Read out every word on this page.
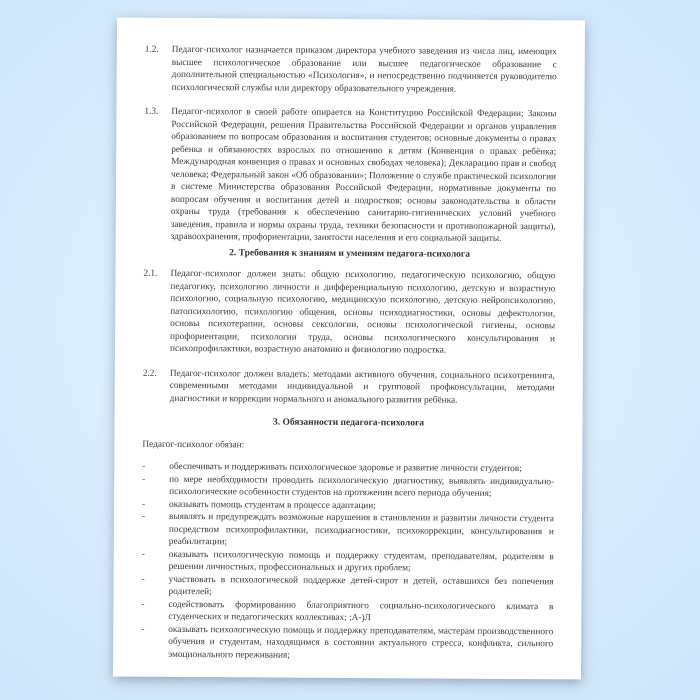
1.2.	Педагог-психолог назначается приказом директора учебного заведения из числа лиц, имеющих высшее психологическое образование или высшее педагогическое образование с дополнительной специальностью «Психология», и непосредственно подчиняется руководителю психологической службы или директору образовательного учреждения.
1.3.	Педагог-психолог в своей работе опирается на Конституцию Российской Федерации; Законы Российской Федерации, решения Правительства Российской Федерации и органов управления образованием по вопросам образования и воспитания студентов; основные документы о правах ребенка и обязанностях взрослых по отношению к детям (Конвенция о правах ребёнка; Международная конвенция о правах и основных свободах человека); Декларацию прав и свобод человека; Федеральный закон «Об образовании»; Положение о службе практической психологии в системе Министерства образования Российской Федерации, нормативные документы по вопросам обучения и воспитания детей и подростков; основы законодательства в области охраны труда (требования к обеспечению санитарно-гигиенических условий учебного заведения, правила и нормы охраны труда, техники безопасности и противопожарной защиты), здравоохранения, профориентации, занятости населения и его социальной защиты.
2. Требования к знаниям и умениям педагога-психолога
2.1.	Педагог-психолог должен знать: общую психологию, педагогическую психологию, общую педагогику, психологию личности и дифференциальную психологию, детскую и возрастную психологию, социальную психологию, медицинскую психологию, детскую нейропсихологию, патопсихологию, психологию общения, основы психодиагностики, основы дефектологии, основы психотерапии, основы сексологии, основы психологической гигиены, основы профориентации, психологии труда, основы психологического консультирования и психопрофилактики, возрастную анатомию и физиологию подростка.
2.2.	Педагог-психолог должен владеть: методами активного обучения, социального психотренинга, современными методами индивидуальной и групповой профконсультации, методами диагностики и коррекции нормального и аномального развития ребёнка.
3. Обязанности педагога-психолога

Педагог-психолог обязан:

-	обеспечивать и поддерживать психологическое здоровье и развитие личности студентов;
-	по мере необходимости проводить психологическую диагностику, выявлять индивидуально-психологические особенности студентов на протяжении всего периода обучения;
-	оказывать помощь студентам в процессе адаптации;
-	выявлять и предупреждать возможные нарушения в становлении и развитии личности студента посредством психопрофилактики, психодиагностики, психокоррекции, консультирования и реабилитации;
-	оказывать психологическую помощь и поддержку студентам, преподавателям, родителям в решении личностных, профессиональных и других проблем;
-	участвовать в психологической поддержке детей-сирот и детей, оставшихся без попечения родителей;
-	содействовать формированию благоприятного социально-психологического климата в студенческих и педагогических коллективах; ;А-)Л
-	оказывать психологическую помощь и поддержку преподавателям, мастерам производственного обучения и студентам, находящимся в состоянии актуального стресса, конфликта, сильного эмоционального переживания;
